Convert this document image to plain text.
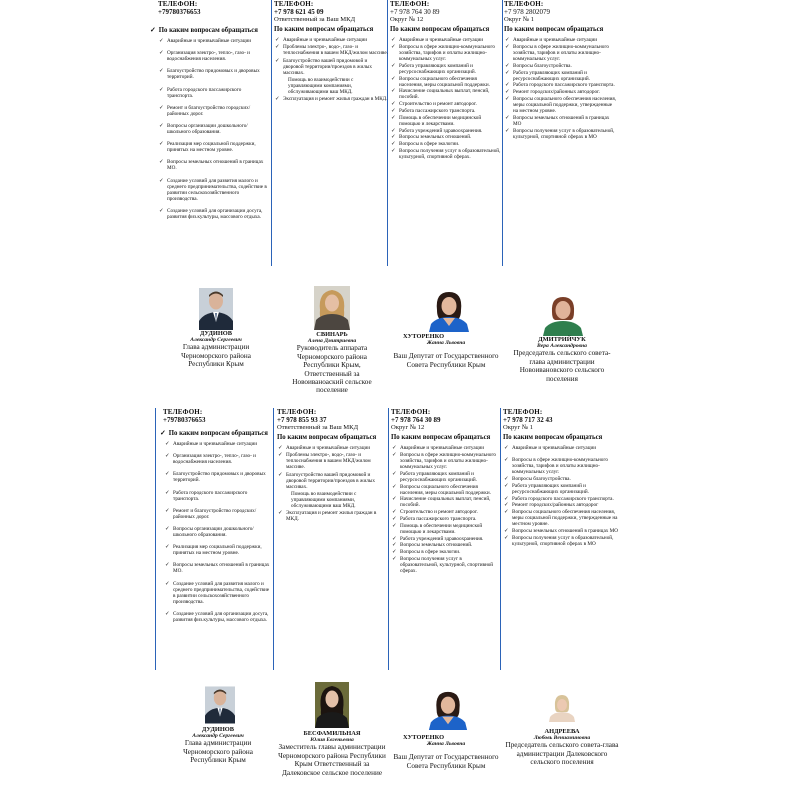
ТЕЛЕФОН:
+79780376653
✓ По каким вопросам обращаться
✓ Аварийные и чрезвычайные ситуации
✓ Организация электро-, тепло-, газо- и водоснабжения населения.
✓ Благоустройство придомовых и дворовых территорий.
✓ Работа городского пассажирского транспорта.
✓ Ремонт и благоустройство городских/районных дорог.
✓ Вопросы организации дошкольного/школьного образования.
✓ Реализация мер социальной поддержки, принятых на местном уровне.
✓ Вопросы земельных отношений в границах МО.
✓ Создание условий для развития малого и среднего предпринимательства, содействие в развитии сельскохозяйственного производства.
✓ Создание условий для организации досуга, развития физ.культуры, массового отдыха.
ТЕЛЕФОН:
+7 978 621 45 09
Ответственный за Ваш МКД
По каким вопросам обращаться
✓ Аварийные и чрезвычайные ситуации
✓ Проблемы электро-, водо-, газо- и теплоснабжения в вашем МКД/жилом массиве.
✓ Благоустройство вашей придомовой и дворовой территории/проездов в жилых массивах.
Помощь во взаимодействии с управляющими компаниями, обслуживающими ваш МКД.
✓ Эксплуатация и ремонт жилья граждан в МКД.
ТЕЛЕФОН:
+7 978 764 30 89
Округ № 12
По каким вопросам обращаться
✓ Аварийные и чрезвычайные ситуации
✓ Вопросы в сфере жилищно-коммунального хозяйства, тарифов и оплаты жилищно-коммунальных услуг.
✓ Работа управляющих компаний и ресурсоснабжающих организаций.
✓ Вопросы социального обеспечения населения, меры социальной поддержки.
✓ Начисление социальных выплат, пенсий, пособий.
✓ Строительство и ремонт автодорог.
✓ Работа пассажирского транспорта.
✓ Помощь в обеспечении медицинской помощью и лекарствами.
✓ Работа учреждений здравоохранения.
✓ Вопросы земельных отношений.
✓ Вопросы в сфере экологии.
✓ Вопросы получения услуг в образовательной, культурной, спортивной сферах.
ТЕЛЕФОН:
+7 978 2802079
Округ № 1
По каким вопросам обращаться
✓ Аварийные и чрезвычайные ситуации
✓ Вопросы в сфере жилищно-коммунального хозяйства, тарифов и оплаты жилищно-коммунальных услуг.
✓ Вопросы благоустройства.
✓ Работа управляющих компаний и ресурсоснабжающих организаций.
✓ Работа городского пассажирского транспорта.
✓ Ремонт городских/районных автодорог.
✓ Вопросы социального обеспечения населения, меры социальной поддержки, утвержденные на местном уровне.
✓ Вопросы земельных отношений в границах МО
✓ Вопросы получения услуг в образовательной, культурной, спортивной сферах в МО
ДУДИНОВ
Александр Сергеевич
Глава администрации Черноморского района Республики Крым
СВИНАРЬ
Алена Дмитриевна
Руководитель аппарата Черноморского района Республики Крым, Ответственный за Новоиваноаский сельское поселение
ХУТОРЕНКО
Жанна Львовна
Ваш Депутат от Государственного Совета Республики Крым
ДМИТРИЙЧУК
Вера Александровна
Председатель сельского совета-глава администрации Новоивановского сельского поселения
ТЕЛЕФОН:
+79780376653
✓ По каким вопросам обращаться
✓ Аварийные и чрезвычайные ситуации
✓ Организация электро-, тепло-, газо- и водоснабжения населения.
✓ Благоустройство придомовых и дворовых территорий.
✓ Работа городского пассажирского транспорта.
✓ Ремонт и благоустройство городских/районных дорог.
✓ Вопросы организации дошкольного/школьного образования.
✓ Реализация мер социальной поддержки, принятых на местном уровне.
✓ Вопросы земельных отношений в границах МО.
✓ Создание условий для развития малого и среднего предпринимательства, содействие в развитии сельскохозяйственного производства.
✓ Создание условий для организации досуга, развития физ.культуры, массового отдыха.
ТЕЛЕФОН:
+7 978 855 93 37
Ответственный за Ваш МКД
По каким вопросам обращаться
✓ Аварийные и чрезвычайные ситуации
✓ Проблемы электро-, водо-, газо- и теплоснабжения в вашем МКД/жилом массиве.
✓ Благоустройство вашей придомовой и дворовой территории/проездов в жилых массивах.
Помощь во взаимодействии с управляющими компаниями, обслуживающими ваш МКД.
✓ Эксплуатация и ремонт жилья граждан в МКД.
ТЕЛЕФОН:
+7 978 764 30 89
Округ № 12
По каким вопросам обращаться
✓ Аварийные и чрезвычайные ситуации
✓ Вопросы в сфере жилищно-коммунального хозяйства, тарифов и оплаты жилищно-коммунальных услуг.
✓ Работа управляющих компаний и ресурсоснабжающих организаций.
✓ Вопросы социального обеспечения населения, меры социальной поддержки.
✓ Начисление социальных выплат, пенсий, пособий.
✓ Строительство и ремонт автодорог.
✓ Работа пассажирского транспорта.
✓ Помощь в обеспечении медицинской помощью и лекарствами.
✓ Работа учреждений здравоохранения.
✓ Вопросы земельных отношений.
✓ Вопросы в сфере экологии.
✓ Вопросы получения услуг в образовательной, культурной, спортивной сферах.
ТЕЛЕФОН:
+7 978 717 32 43
Округ № 1
По каким вопросам обращаться
✓ Аварийные и чрезвычайные ситуации
✓ Вопросы в сфере жилищно-коммунального хозяйства, тарифов и оплаты жилищно-коммунальных услуг.
✓ Вопросы благоустройства.
✓ Работа управляющих компаний и ресурсоснабжающих организаций.
✓ Работа городского пассажирского транспорта.
✓ Ремонт городских/районных автодорог
✓ Вопросы социального обеспечения населения, меры социальной поддержки, утвержденные на местном уровне.
✓ Вопросы земельных отношений в границах МО
✓ Вопросы получения услуг в образовательной, культурной, спортивной сферах в МО
ДУДИНОВ
Александр Сергеевич
Глава администрации Черноморского района Республики Крым
БЕСФАМИЛЬНАЯ
Юлия Евгеньевна
Заместитель главы администрации Черноморского района Республики Крым Ответственный за Далековское сельское поселение
ХУТОРЕНКО
Жанна Львовна
Ваш Депутат от Государственного Совета Республики Крым
АНДРЕЕВА
Любовь Вениаминовна
Председатель сельского совета-глава администрации Далековского сельского поселения
